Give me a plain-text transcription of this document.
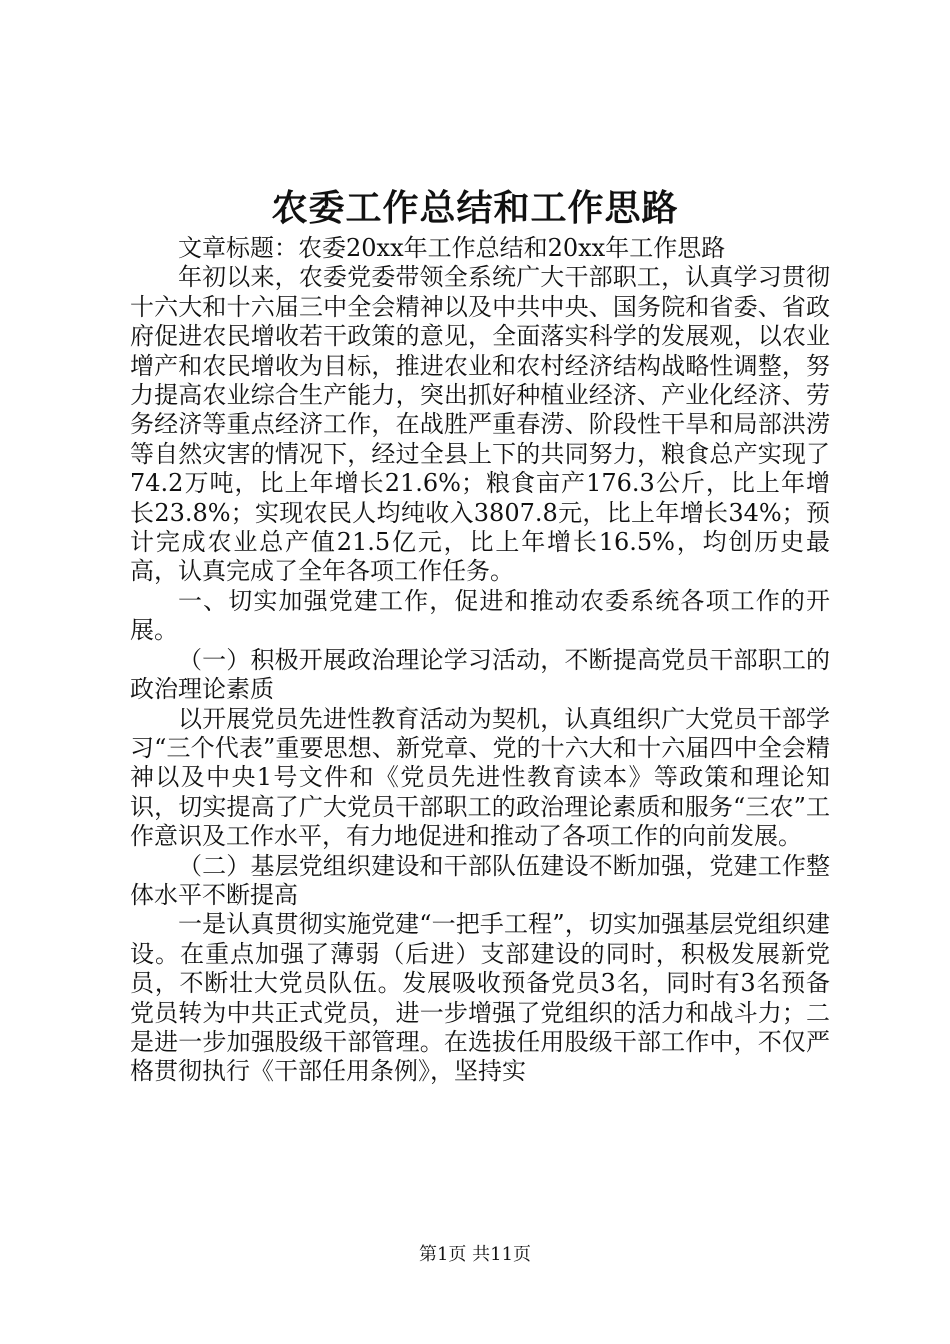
农委工作总结和工作思路

文章标题：农委20xx年工作总结和20xx年工作思路

年初以来，农委党委带领全系统广大干部职工，认真学习贯彻十六大和十六届三中全会精神以及中共中央、国务院和省委、省政府促进农民增收若干政策的意见，全面落实科学的发展观，以农业增产和农民增收为目标，推进农业和农村经济结构战略性调整，努力提高农业综合生产能力，突出抓好种植业经济、产业化经济、劳务经济等重点经济工作，在战胜严重春涝、阶段性干旱和局部洪涝等自然灾害的情况下，经过全县上下的共同努力，粮食总产实现了74.2万吨，比上年增长21.6%；粮食亩产176.3公斤，比上年增长23.8%；实现农民人均纯收入3807.8元，比上年增长34%；预计完成农业总产值21.5亿元，比上年增长16.5%，均创历史最高，认真完成了全年各项工作任务。

一、切实加强党建工作，促进和推动农委系统各项工作的开展。

（一）积极开展政治理论学习活动，不断提高党员干部职工的政治理论素质

以开展党员先进性教育活动为契机，认真组织广大党员干部学习“三个代表”重要思想、新党章、党的十六大和十六届四中全会精神以及中央1号文件和《党员先进性教育读本》等政策和理论知识，切实提高了广大党员干部职工的政治理论素质和服务“三农”工作意识及工作水平，有力地促进和推动了各项工作的向前发展。

（二）基层党组织建设和干部队伍建设不断加强，党建工作整体水平不断提高

一是认真贯彻实施党建“一把手工程”，切实加强基层党组织建设。在重点加强了薄弱（后进）支部建设的同时，积极发展新党员，不断壮大党员队伍。发展吸收预备党员3名，同时有3名预备党员转为中共正式党员，进一步增强了党组织的活力和战斗力；二是进一步加强股级干部管理。在选拔任用股级干部工作中，不仅严格贯彻执行《干部任用条例》，坚持实

第1页 共11页
